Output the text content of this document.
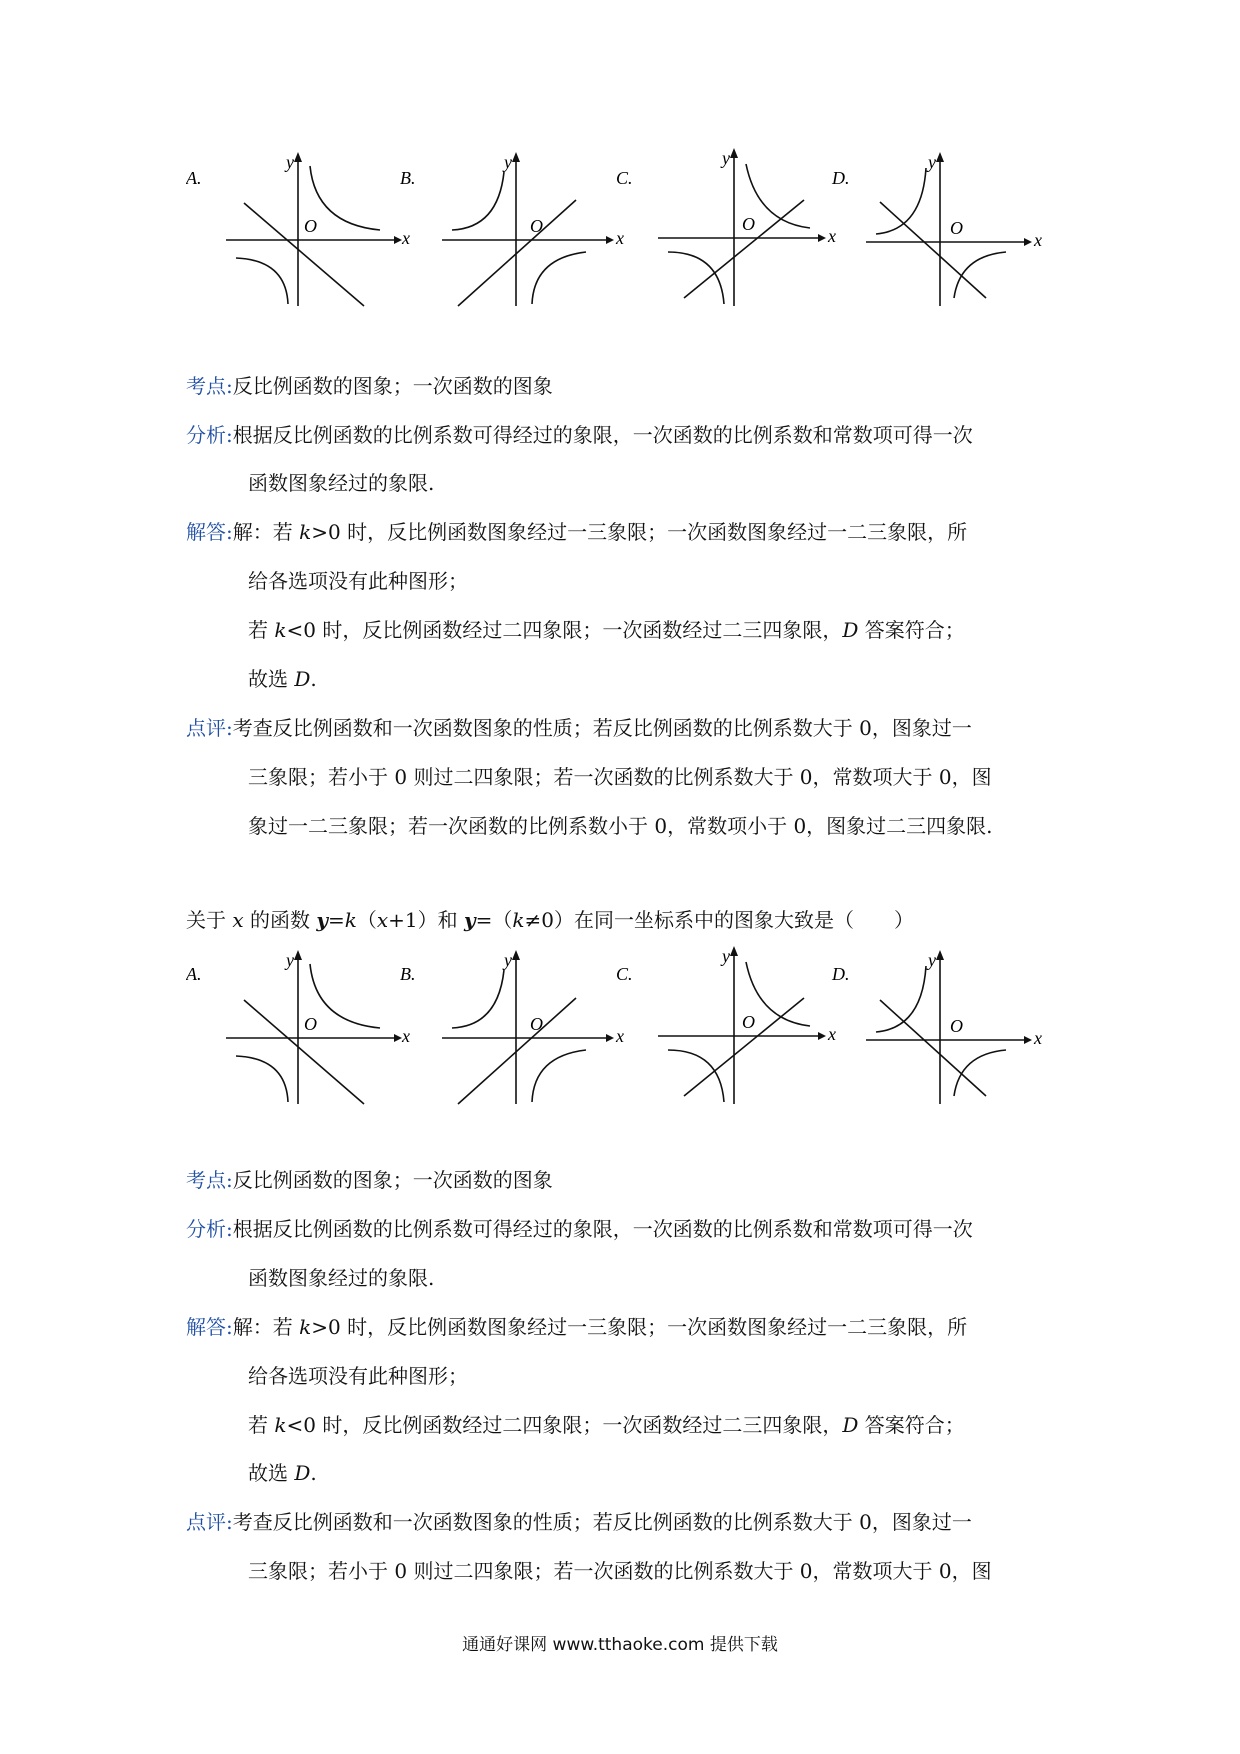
A.	B.	C.	D.
y
x
O
y
x
O
y
x
O
y
x
O
考点:反比例函数的图象；一次函数的图象
分析:根据反比例函数的比例系数可得经过的象限，一次函数的比例系数和常数项可得一次
函数图象经过的象限.
解答:解：若 k>0 时，反比例函数图象经过一三象限；一次函数图象经过一二三象限，所
给各选项没有此种图形；
若 k<0 时，反比例函数经过二四象限；一次函数经过二三四象限，D 答案符合；
故选 D.
点评:考查反比例函数和一次函数图象的性质；若反比例函数的比例系数大于 0，图象过一
三象限；若小于 0 则过二四象限；若一次函数的比例系数大于 0，常数项大于 0，图
象过一二三象限；若一次函数的比例系数小于 0，常数项小于 0，图象过二三四象限.
关于 x 的函数 y=k（x+1）和 y=（k≠0）在同一坐标系中的图象大致是（　　）
A.	B.	C.	D.
y
x
O
y
x
O
y
x
O
y
x
O
考点:反比例函数的图象；一次函数的图象
分析:根据反比例函数的比例系数可得经过的象限，一次函数的比例系数和常数项可得一次
函数图象经过的象限.
解答:解：若 k>0 时，反比例函数图象经过一三象限；一次函数图象经过一二三象限，所
给各选项没有此种图形；
若 k<0 时，反比例函数经过二四象限；一次函数经过二三四象限，D 答案符合；
故选 D.
点评:考查反比例函数和一次函数图象的性质；若反比例函数的比例系数大于 0，图象过一
三象限；若小于 0 则过二四象限；若一次函数的比例系数大于 0，常数项大于 0，图
通通好课网 www.tthaoke.com 提供下载
